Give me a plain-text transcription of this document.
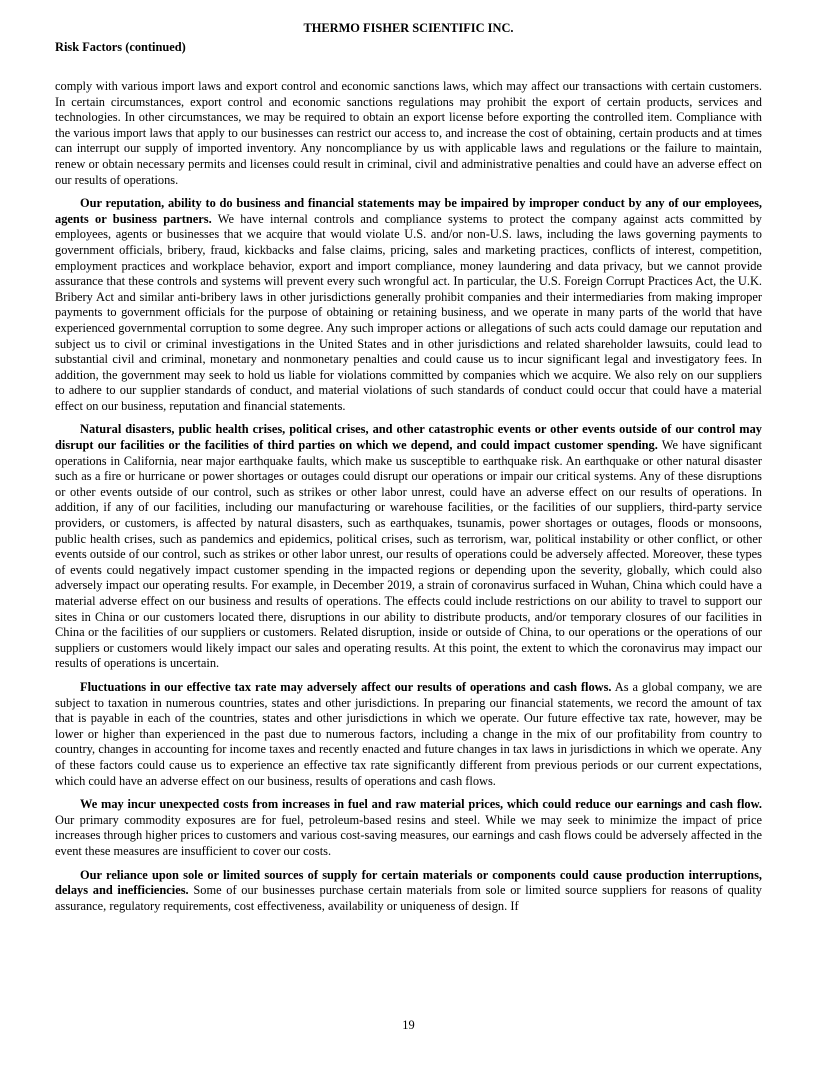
THERMO FISHER SCIENTIFIC INC.
Risk Factors (continued)

comply with various import laws and export control and economic sanctions laws, which may affect our transactions with certain customers. In certain circumstances, export control and economic sanctions regulations may prohibit the export of certain products, services and technologies. In other circumstances, we may be required to obtain an export license before exporting the controlled item. Compliance with the various import laws that apply to our businesses can restrict our access to, and increase the cost of obtaining, certain products and at times can interrupt our supply of imported inventory. Any noncompliance by us with applicable laws and regulations or the failure to maintain, renew or obtain necessary permits and licenses could result in criminal, civil and administrative penalties and could have an adverse effect on our results of operations.

Our reputation, ability to do business and financial statements may be impaired by improper conduct by any of our employees, agents or business partners. We have internal controls and compliance systems to protect the company against acts committed by employees, agents or businesses that we acquire that would violate U.S. and/or non-U.S. laws, including the laws governing payments to government officials, bribery, fraud, kickbacks and false claims, pricing, sales and marketing practices, conflicts of interest, competition, employment practices and workplace behavior, export and import compliance, money laundering and data privacy, but we cannot provide assurance that these controls and systems will prevent every such wrongful act. In particular, the U.S. Foreign Corrupt Practices Act, the U.K. Bribery Act and similar anti-bribery laws in other jurisdictions generally prohibit companies and their intermediaries from making improper payments to government officials for the purpose of obtaining or retaining business, and we operate in many parts of the world that have experienced governmental corruption to some degree. Any such improper actions or allegations of such acts could damage our reputation and subject us to civil or criminal investigations in the United States and in other jurisdictions and related shareholder lawsuits, could lead to substantial civil and criminal, monetary and nonmonetary penalties and could cause us to incur significant legal and investigatory fees. In addition, the government may seek to hold us liable for violations committed by companies which we acquire. We also rely on our suppliers to adhere to our supplier standards of conduct, and material violations of such standards of conduct could occur that could have a material effect on our business, reputation and financial statements.

Natural disasters, public health crises, political crises, and other catastrophic events or other events outside of our control may disrupt our facilities or the facilities of third parties on which we depend, and could impact customer spending. We have significant operations in California, near major earthquake faults, which make us susceptible to earthquake risk. An earthquake or other natural disaster such as a fire or hurricane or power shortages or outages could disrupt our operations or impair our critical systems. Any of these disruptions or other events outside of our control, such as strikes or other labor unrest, could have an adverse effect on our results of operations. In addition, if any of our facilities, including our manufacturing or warehouse facilities, or the facilities of our suppliers, third-party service providers, or customers, is affected by natural disasters, such as earthquakes, tsunamis, power shortages or outages, floods or monsoons, public health crises, such as pandemics and epidemics, political crises, such as terrorism, war, political instability or other conflict, or other events outside of our control, such as strikes or other labor unrest, our results of operations could be adversely affected. Moreover, these types of events could negatively impact customer spending in the impacted regions or depending upon the severity, globally, which could also adversely impact our operating results. For example, in December 2019, a strain of coronavirus surfaced in Wuhan, China which could have a material adverse effect on our business and results of operations. The effects could include restrictions on our ability to travel to support our sites in China or our customers located there, disruptions in our ability to distribute products, and/or temporary closures of our facilities in China or the facilities of our suppliers or customers. Related disruption, inside or outside of China, to our operations or the operations of our suppliers or customers would likely impact our sales and operating results. At this point, the extent to which the coronavirus may impact our results of operations is uncertain.

Fluctuations in our effective tax rate may adversely affect our results of operations and cash flows. As a global company, we are subject to taxation in numerous countries, states and other jurisdictions. In preparing our financial statements, we record the amount of tax that is payable in each of the countries, states and other jurisdictions in which we operate. Our future effective tax rate, however, may be lower or higher than experienced in the past due to numerous factors, including a change in the mix of our profitability from country to country, changes in accounting for income taxes and recently enacted and future changes in tax laws in jurisdictions in which we operate. Any of these factors could cause us to experience an effective tax rate significantly different from previous periods or our current expectations, which could have an adverse effect on our business, results of operations and cash flows.

We may incur unexpected costs from increases in fuel and raw material prices, which could reduce our earnings and cash flow. Our primary commodity exposures are for fuel, petroleum-based resins and steel. While we may seek to minimize the impact of price increases through higher prices to customers and various cost-saving measures, our earnings and cash flows could be adversely affected in the event these measures are insufficient to cover our costs.

Our reliance upon sole or limited sources of supply for certain materials or components could cause production interruptions, delays and inefficiencies. Some of our businesses purchase certain materials from sole or limited source suppliers for reasons of quality assurance, regulatory requirements, cost effectiveness, availability or uniqueness of design. If

19
